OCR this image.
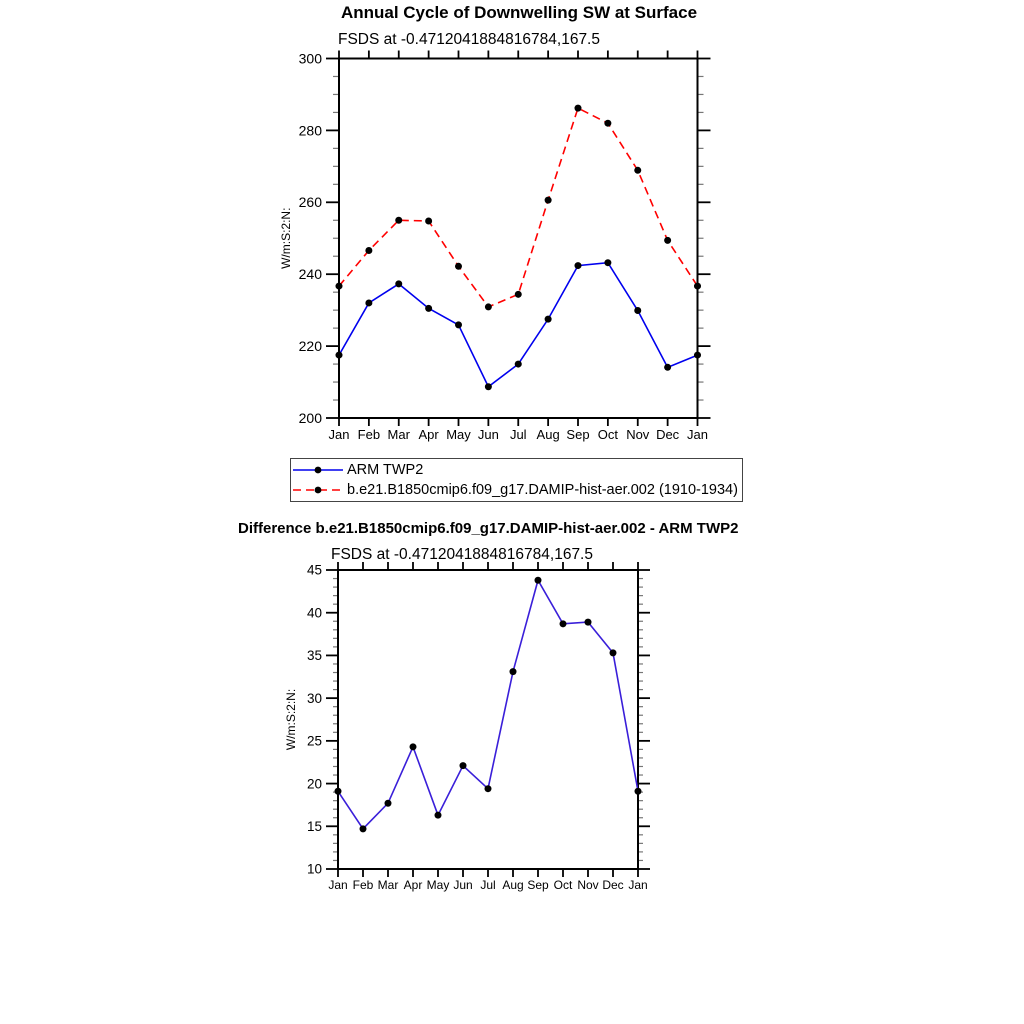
200
220
240
260
280
300
Jan Feb Mar Apr May Jun Jul Aug Sep Oct Nov Dec Jan
W/m:S:2:N:
10
15
20
25
30
35
40
45
Jan Feb Mar Apr May Jun Jul Aug Sep Oct Nov Dec Jan
W/m:S:2:N:
Annual Cycle of Downwelling SW at Surface
FSDS at -0.4712041884816784,167.5
ARM TWP2
b.e21.B1850cmip6.f09_g17.DAMIP-hist-aer.002 (1910-1934)
Difference b.e21.B1850cmip6.f09_g17.DAMIP-hist-aer.002 - ARM TWP2
FSDS at -0.4712041884816784,167.5
